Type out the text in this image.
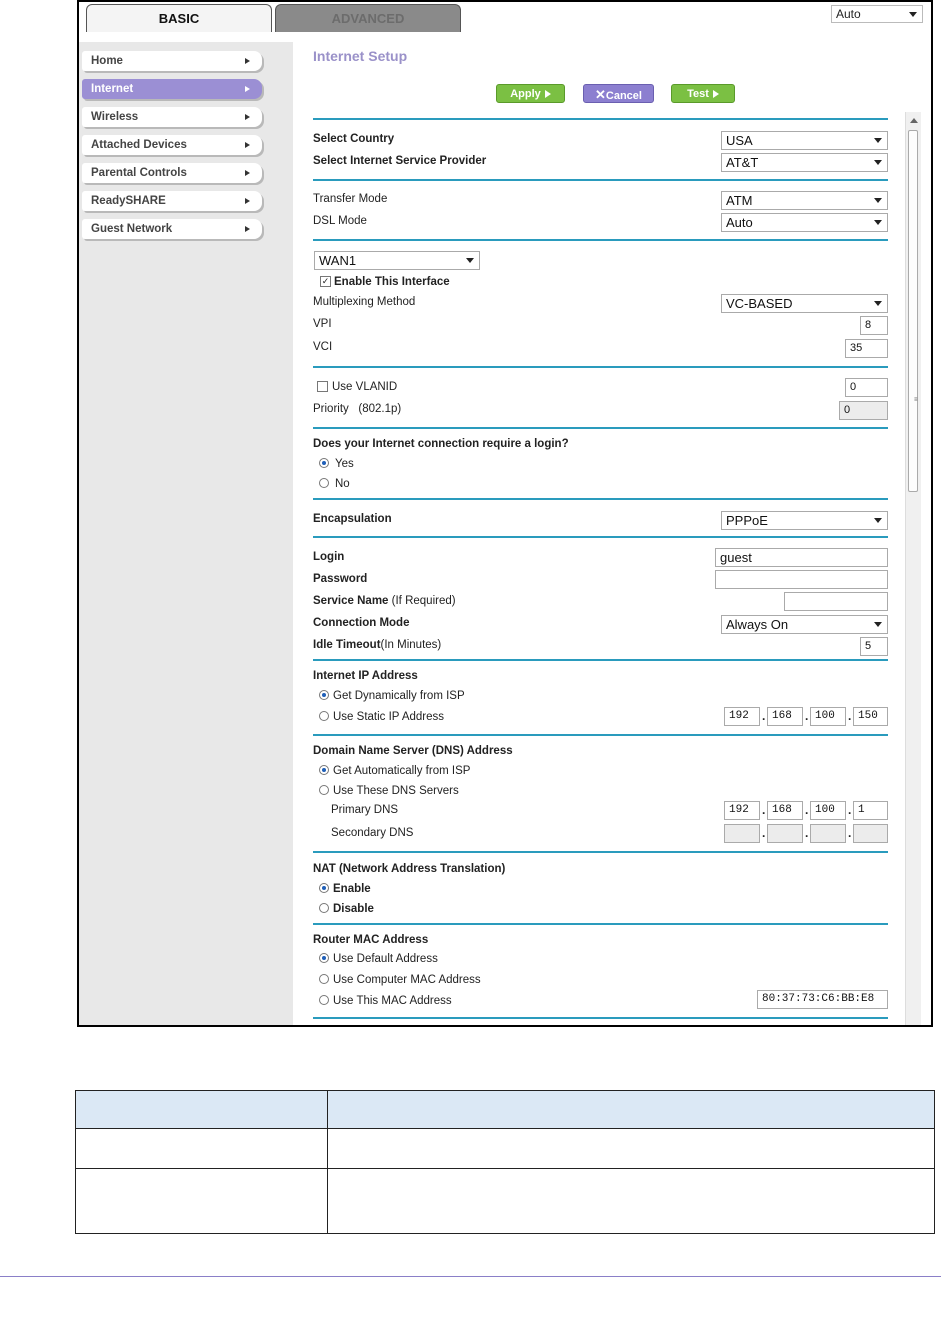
BASIC	ADVANCED	Auto
Home
Internet
Wireless
Attached Devices
Parental Controls
ReadySHARE
Guest Network
Internet Setup
Apply	✕Cancel	Test
≡
Select Country	USA
Select Internet Service Provider	AT&T
Transfer Mode	ATM
DSL Mode	Auto
WAN1
✓ Enable This Interface
Multiplexing Method	VC-BASED
VPI	8
VCI	35
Use VLANID	0
Priority (802.1p)	0
Does your Internet connection require a login?
Yes
No
Encapsulation	PPPoE
Login	guest
Password
Service Name (If Required)
Connection Mode	Always On
Idle Timeout(In Minutes)	5
Internet IP Address
Get Dynamically from ISP
Use Static IP Address	192	. 168	. 100	. 150
Domain Name Server (DNS) Address
Get Automatically from ISP
Use These DNS Servers
Primary DNS	192	. 168	. 100	. 1
Secondary DNS	.	.	.
NAT (Network Address Translation)
Enable
Disable
Router MAC Address
Use Default Address
Use Computer MAC Address
Use This MAC Address	80:37:73:C6:BB:E8
